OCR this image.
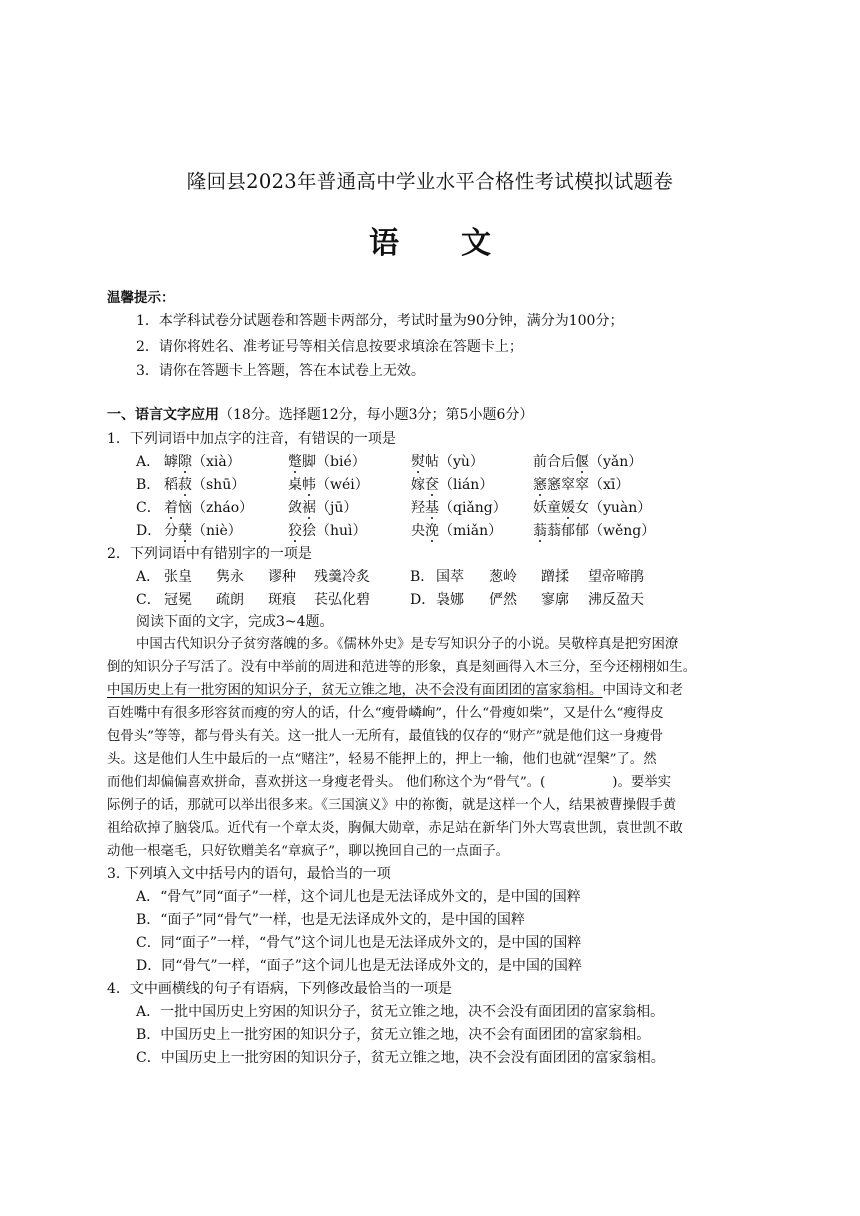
隆回县2023年普通高中学业水平合格性考试模拟试题卷
语 文
温馨提示：
1．本学科试卷分试题卷和答题卡两部分，考试时量为90分钟，满分为100分；
2．请你将姓名、准考证号等相关信息按要求填涂在答题卡上；
3．请你在答题卡上答题，答在本试卷上无效。
一、语言文字应用（18分。选择题12分，每小题3分；第5小题6分）
1．下列词语中加点字的注音，有错误的一项是
A． 罅隙（xià）	蹩脚（bié）	熨帖（yù）	前合后偃（yǎn）
B． 稻菽（shū）	桌帏（wéi）	嫁奁（lián）	窸窸窣窣（xī）
C． 着恼（zháo） 敛裾（jū）	羟基（qiǎng） 妖童媛女（yuàn）
D． 分蘖（niè）	狡狯（huì）	央浼（miǎn） 蓊蓊郁郁（wěng）
2．下列词语中有错别字的一项是
A． 张皇 隽永 谬种 残羹冷炙	B． 国萃 葱岭 蹭揉 望帝啼鹃
C． 冠冕 疏朗 斑痕 苌弘化碧	D． 袅娜 俨然 寥廓 沸反盈天
阅读下面的文字，完成3~4题。
中国古代知识分子贫穷落魄的多。《儒林外史》是专写知识分子的小说。吴敬梓真是把穷困潦
倒的知识分子写活了。没有中举前的周进和范进等的形象，真是刻画得入木三分，至今还栩栩如生。
中国历史上有一批穷困的知识分子，贫无立锥之地，决不会没有面团团的富家翁相。中国诗文和老
百姓嘴中有很多形容贫而瘦的穷人的话，什么“瘦骨嶙峋”，什么“骨瘦如柴”，又是什么“瘦得皮
包骨头”等等，都与骨头有关。这一批人一无所有，最值钱的仅存的“财产”就是他们这一身瘦骨
头。这是他们人生中最后的一点“赌注”，轻易不能押上的，押上一输，他们也就“涅槃”了。然
而他们却偏偏喜欢拼命，喜欢拼这一身瘦老骨头。 他们称这个为“骨气”。(　　　　　)。要举实
际例子的话，那就可以举出很多来。《三国演义》中的祢衡，就是这样一个人，结果被曹操假手黄
祖给砍掉了脑袋瓜。近代有一个章太炎，胸佩大勋章，赤足站在新华门外大骂袁世凯，袁世凯不敢
动他一根毫毛，只好钦赠美名“章疯子”，聊以挽回自己的一点面子。
3. 下列填入文中括号内的语句，最恰当的一项
A．“骨气”同“面子”一样，这个词儿也是无法译成外文的，是中国的国粹
B．“面子”同“骨气”一样，也是无法译成外文的，是中国的国粹
C．同“面子”一样，“骨气”这个词儿也是无法译成外文的，是中国的国粹
D．同“骨气”一样，“面子”这个词儿也是无法译成外文的，是中国的国粹
4．文中画横线的句子有语病，下列修改最恰当的一项是
A．一批中国历史上穷困的知识分子，贫无立锥之地，决不会没有面团团的富家翁相。
B．中国历史上一批穷困的知识分子，贫无立锥之地，决不会有面团团的富家翁相。
C．中国历史上一批穷困的知识分子，贫无立锥之地，决不会没有面团团的富家翁相。
